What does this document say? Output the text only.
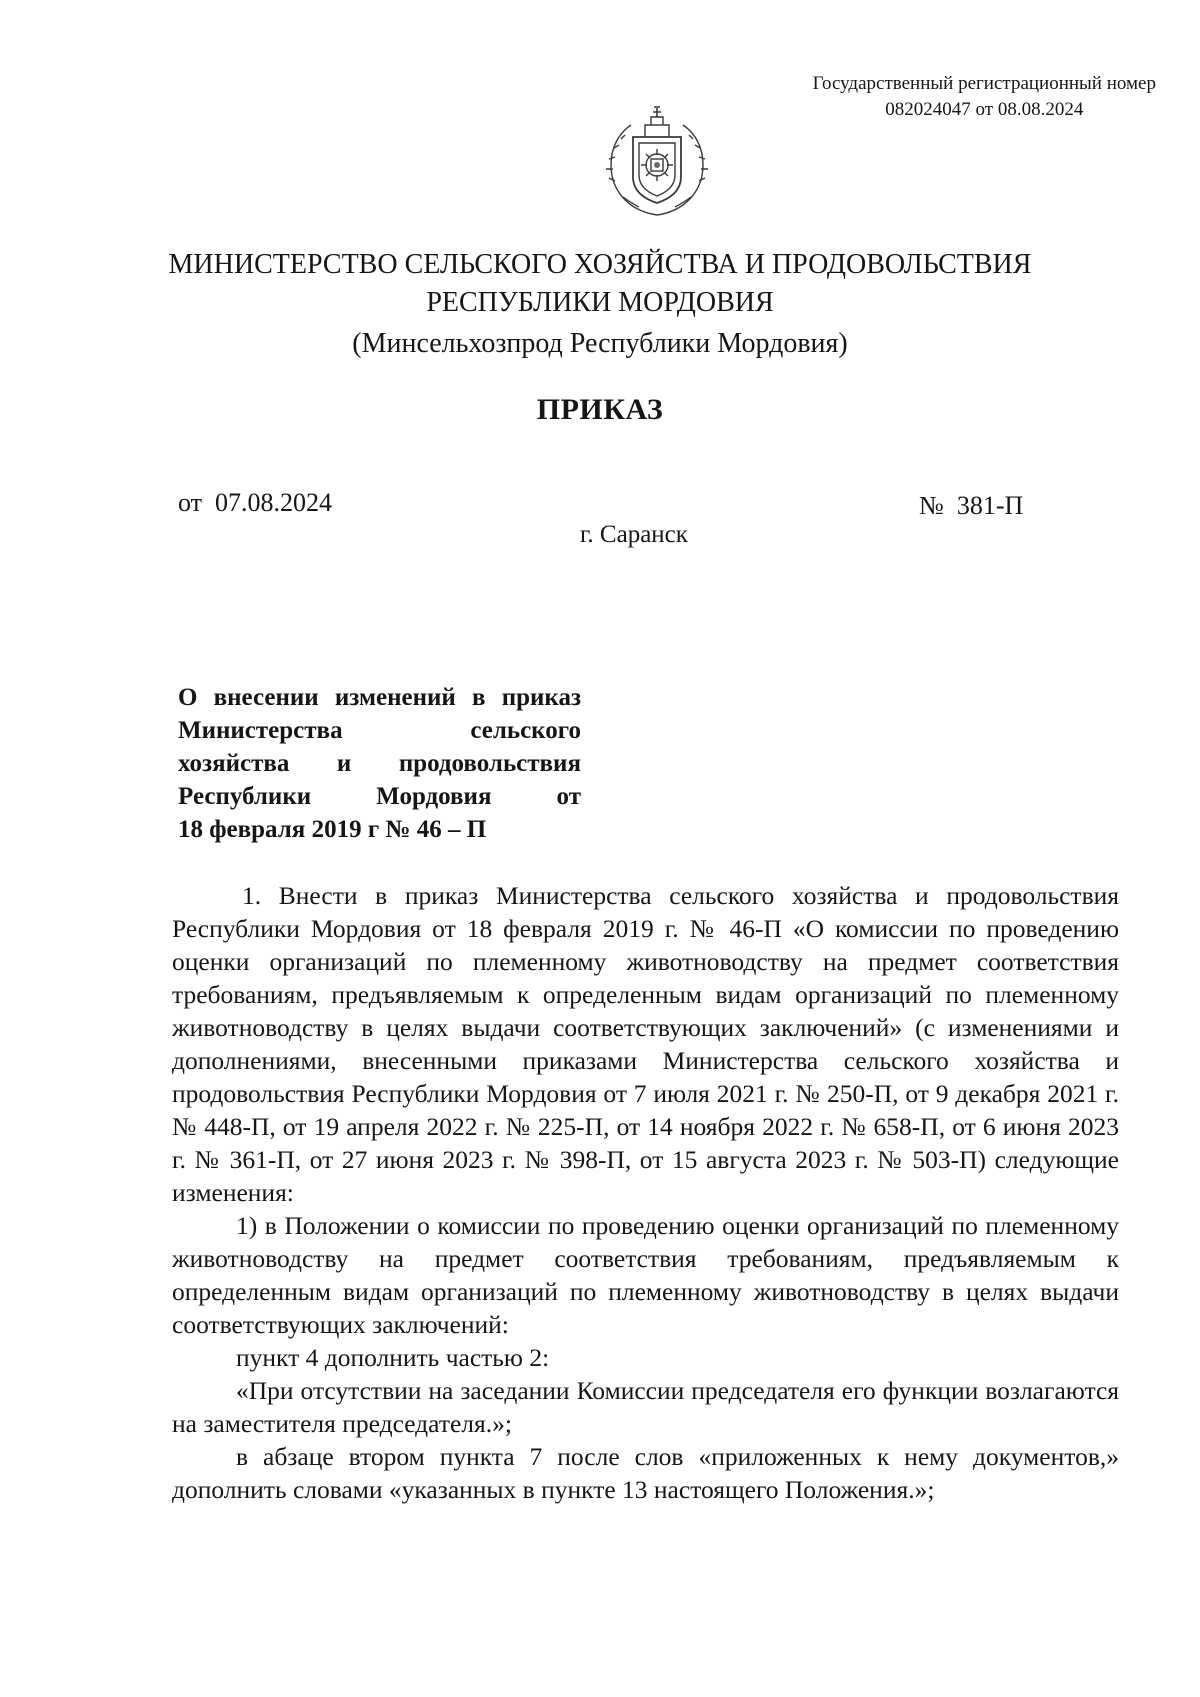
Государственный регистрационный номер
082024047 от 08.08.2024
МИНИСТЕРСТВО СЕЛЬСКОГО ХОЗЯЙСТВА И ПРОДОВОЛЬСТВИЯ
РЕСПУБЛИКИ МОРДОВИЯ
(Минсельхозпрод Республики Мордовия)
ПРИКАЗ
от 07.08.2024	№ 381-П
г. Саранск
О внесении изменений в приказ
Министерства сельского
хозяйства и продовольствия
Республики Мордовия от
18 февраля 2019 г № 46 – П

1. Внести в приказ Министерства сельского хозяйства и продовольствия Республики Мордовия от 18 февраля 2019 г. № 46-П «О комиссии по проведению оценки организаций по племенному животноводству на предмет соответствия требованиям, предъявляемым к определенным видам организаций по племенному животноводству в целях выдачи соответствующих заключений» (с изменениями и дополнениями, внесенными приказами Министерства сельского хозяйства и продовольствия Республики Мордовия от 7 июля 2021 г. № 250-П, от 9 декабря 2021 г. № 448-П, от 19 апреля 2022 г. № 225-П, от 14 ноября 2022 г. № 658-П, от 6 июня 2023 г. № 361-П, от 27 июня 2023 г. № 398-П, от 15 августа 2023 г. № 503-П) следующие изменения:

1) в Положении о комиссии по проведению оценки организаций по племенному животноводству на предмет соответствия требованиям, предъявляемым к определенным видам организаций по племенному животноводству в целях выдачи соответствующих заключений:

пункт 4 дополнить частью 2:

«При отсутствии на заседании Комиссии председателя его функции возлагаются на заместителя председателя.»;

в абзаце втором пункта 7 после слов «приложенных к нему документов,» дополнить словами «указанных в пункте 13 настоящего Положения.»;
